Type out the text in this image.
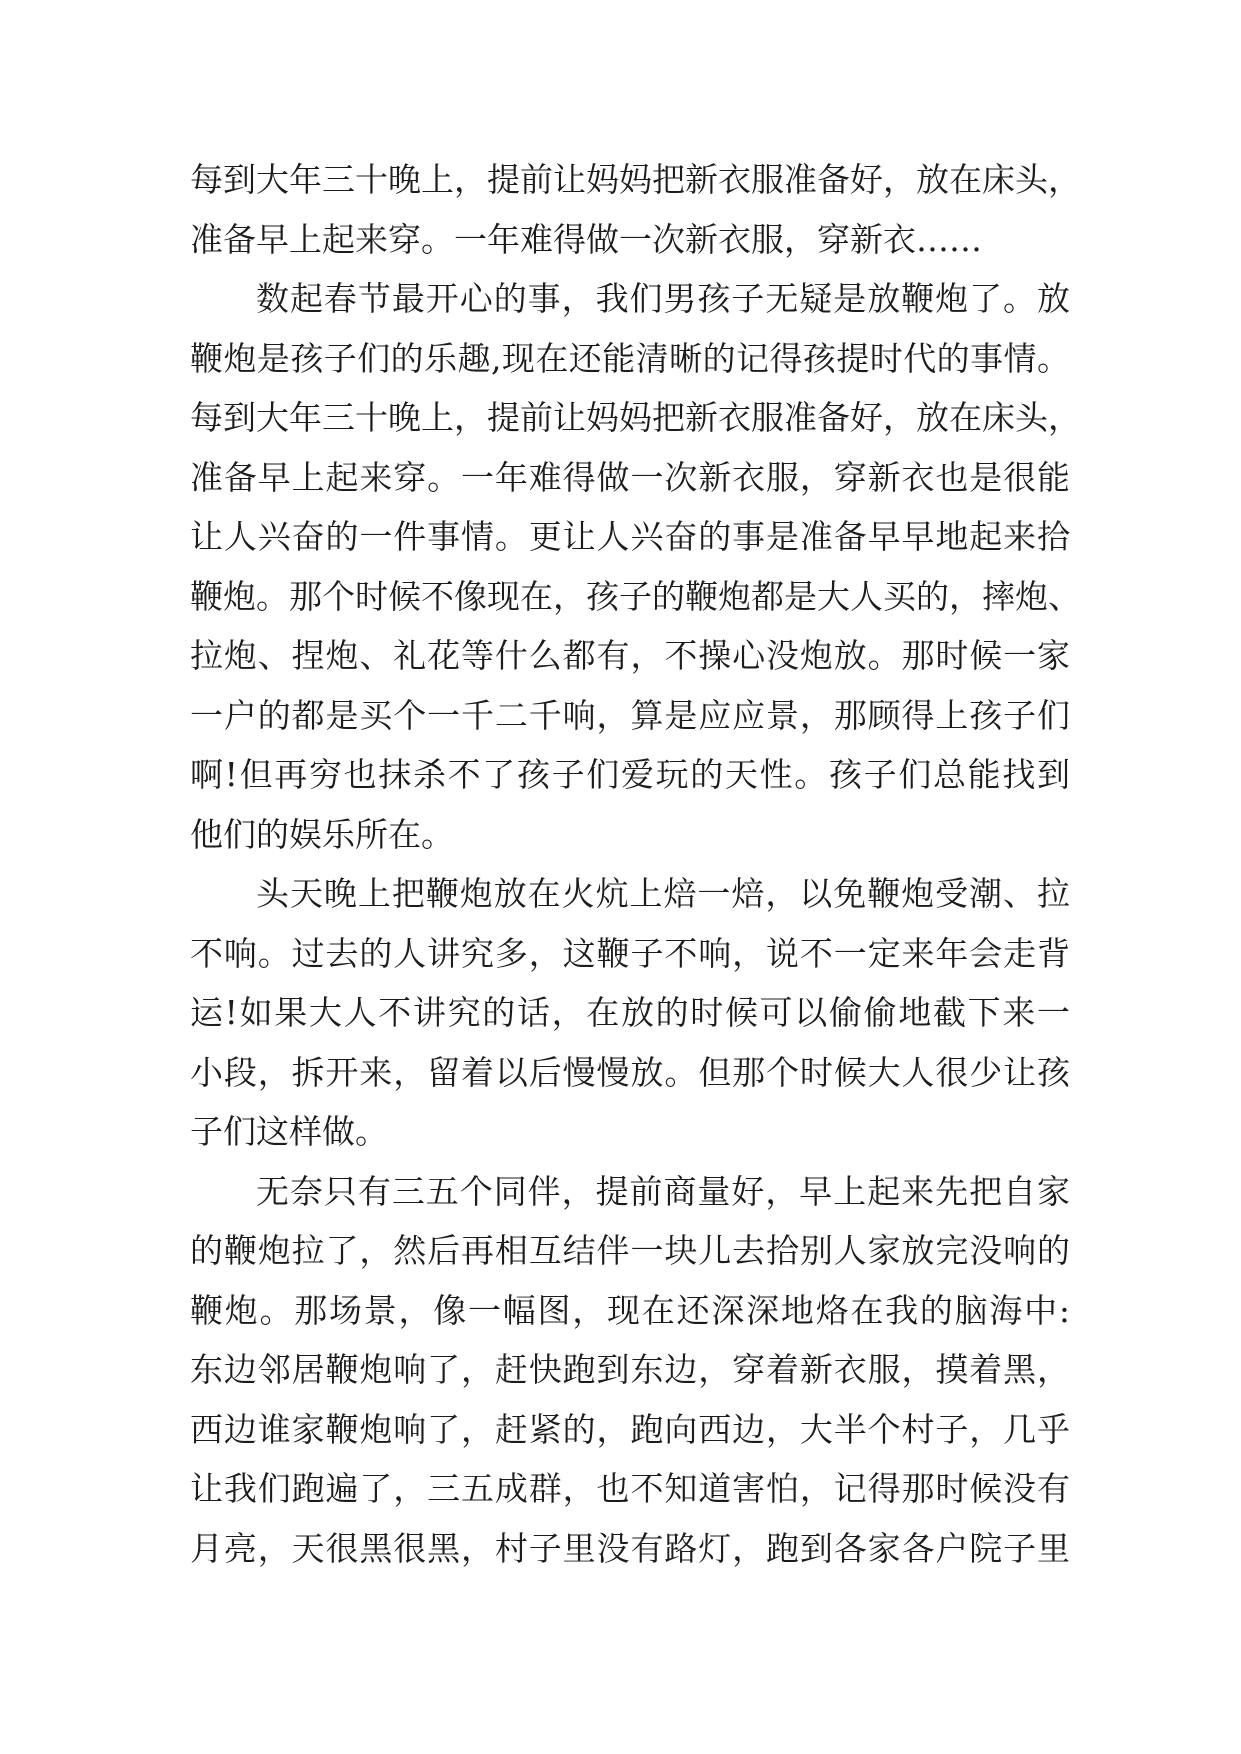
每到大年三十晚上，提前让妈妈把新衣服准备好，放在床头，
准备早上起来穿。一年难得做一次新衣服，穿新衣……
数起春节最开心的事，我们男孩子无疑是放鞭炮了。放
鞭炮是孩子们的乐趣,现在还能清晰的记得孩提时代的事情。
每到大年三十晚上，提前让妈妈把新衣服准备好，放在床头，
准备早上起来穿。一年难得做一次新衣服，穿新衣也是很能
让人兴奋的一件事情。更让人兴奋的事是准备早早地起来拾
鞭炮。那个时候不像现在，孩子的鞭炮都是大人买的，摔炮、
拉炮、捏炮、礼花等什么都有，不操心没炮放。那时候一家
一户的都是买个一千二千响，算是应应景，那顾得上孩子们
啊!但再穷也抹杀不了孩子们爱玩的天性。孩子们总能找到
他们的娱乐所在。
头天晚上把鞭炮放在火炕上焙一焙，以免鞭炮受潮、拉
不响。过去的人讲究多，这鞭子不响，说不一定来年会走背
运!如果大人不讲究的话，在放的时候可以偷偷地截下来一
小段，拆开来，留着以后慢慢放。但那个时候大人很少让孩
子们这样做。
无奈只有三五个同伴，提前商量好，早上起来先把自家
的鞭炮拉了，然后再相互结伴一块儿去拾别人家放完没响的
鞭炮。那场景，像一幅图，现在还深深地烙在我的脑海中:
东边邻居鞭炮响了，赶快跑到东边，穿着新衣服，摸着黑，
西边谁家鞭炮响了，赶紧的，跑向西边，大半个村子，几乎
让我们跑遍了，三五成群，也不知道害怕，记得那时候没有
月亮，天很黑很黑，村子里没有路灯，跑到各家各户院子里
